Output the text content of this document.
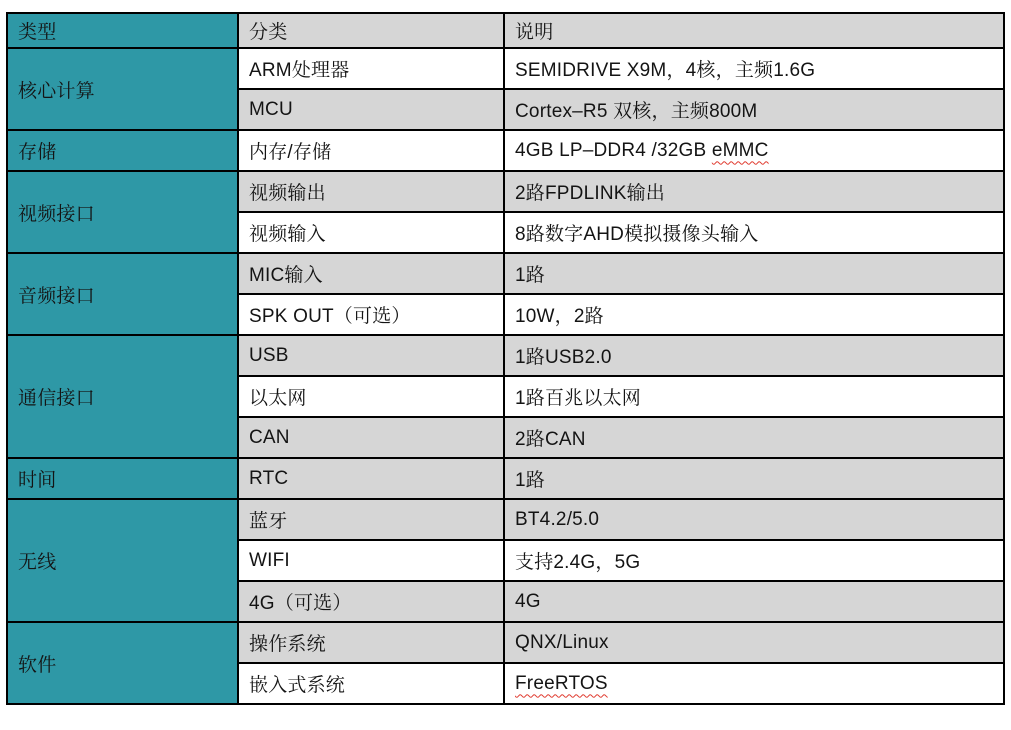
类型	分类	说明
核心计算	ARM处理器	SEMIDRIVE X9M，4核，主频1.6G
	MCU	Cortex–R5 双核，主频800M
存储	内存/存储	4GB LP–DDR4 /32GB eMMC
视频接口	视频输出	2路FPDLINK输出
	视频输入	8路数字AHD模拟摄像头输入
音频接口	MIC输入	1路
	SPK OUT（可选）	10W，2路
通信接口	USB	1路USB2.0
	以太网	1路百兆以太网
	CAN	2路CAN
时间	RTC	1路
无线	蓝牙	BT4.2/5.0
	WIFI	支持2.4G，5G
	4G（可选）	4G
软件	操作系统	QNX/Linux
	嵌入式系统	FreeRTOS
